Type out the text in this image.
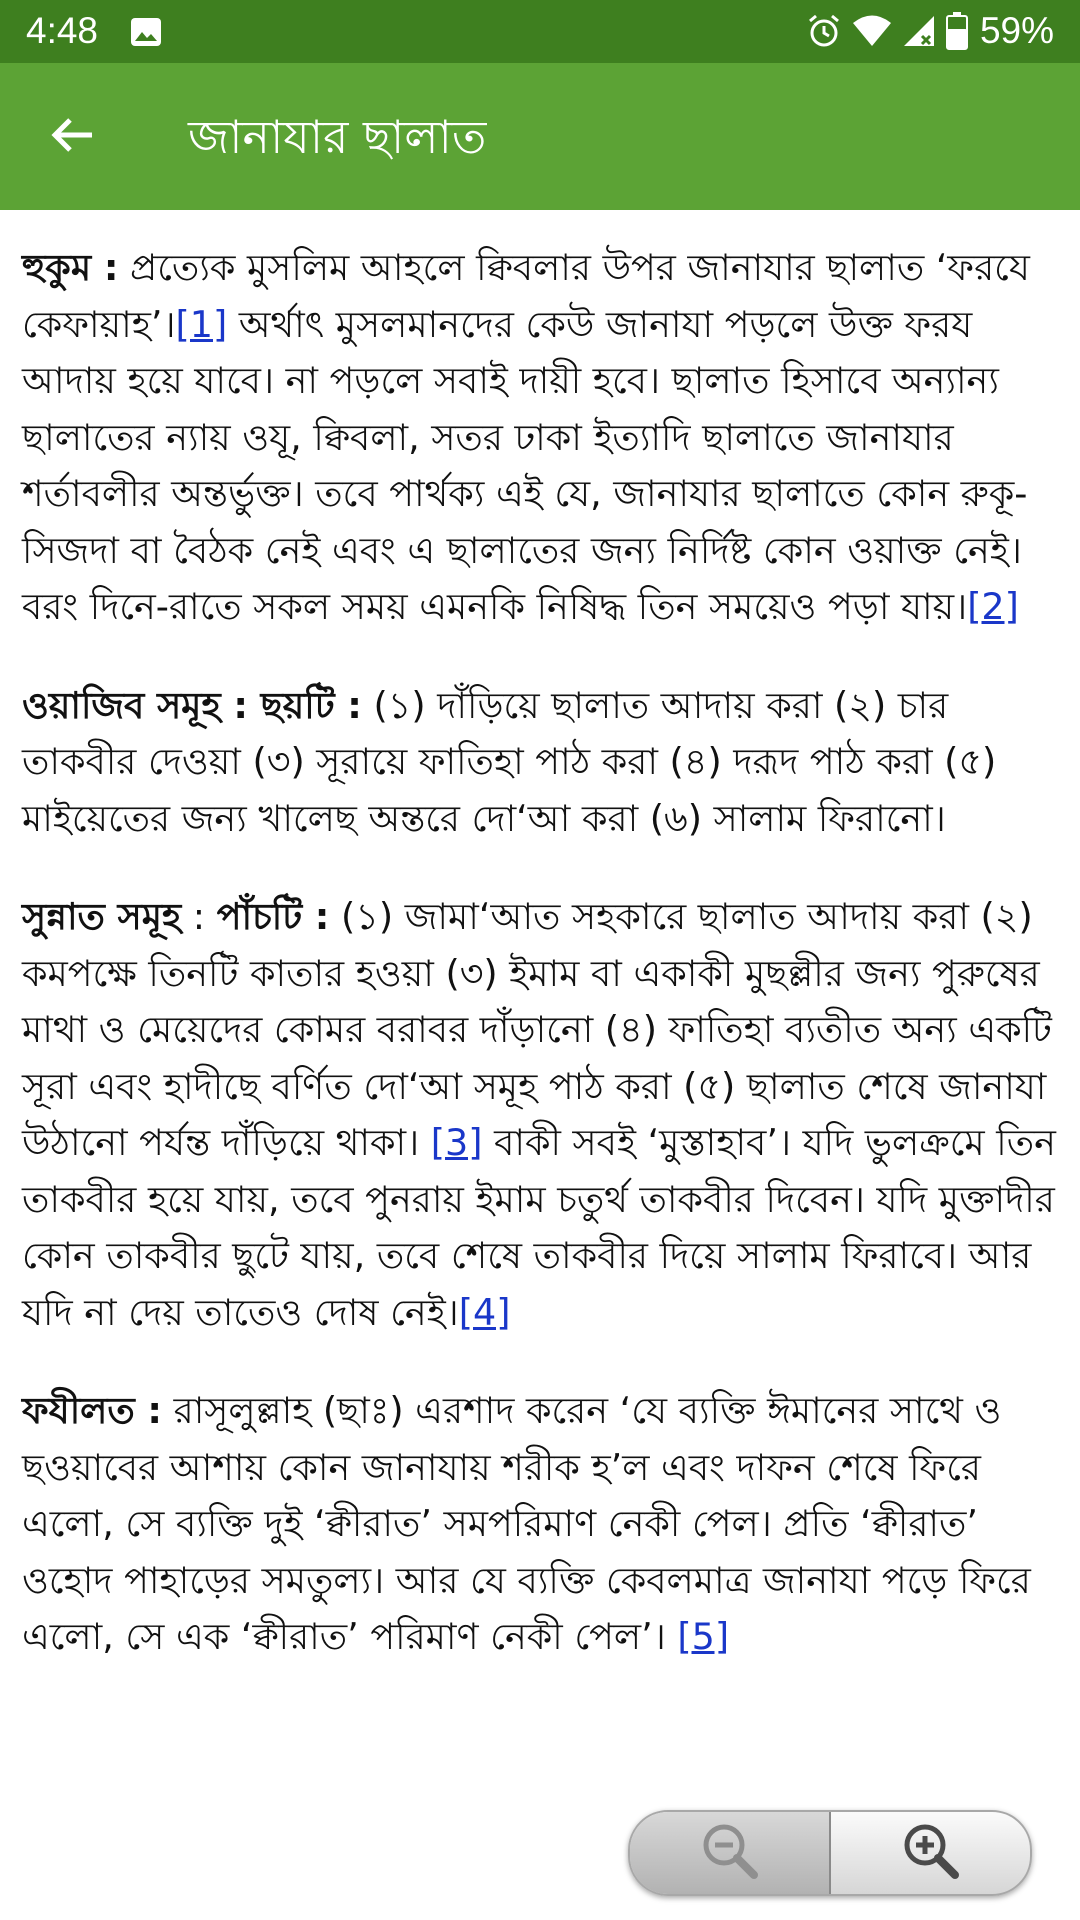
4:48	59%
জানাযার ছালাত

হুকুম : প্রত্যেক মুসলিম আহলে ক্বিবলার উপর জানাযার ছালাত ‘ফরযে কেফায়াহ’।[1] অর্থাৎ মুসলমানদের কেউ জানাযা পড়লে উক্ত ফরয আদায় হয়ে যাবে। না পড়লে সবাই দায়ী হবে। ছালাত হিসাবে অন্যান্য ছালাতের ন্যায় ওযূ, ক্বিবলা, সতর ঢাকা ইত্যাদি ছালাতে জানাযার শর্তাবলীর অন্তর্ভুক্ত। তবে পার্থক্য এই যে, জানাযার ছালাতে কোন রুকূ-সিজদা বা বৈঠক নেই এবং এ ছালাতের জন্য নির্দিষ্ট কোন ওয়াক্ত নেই। বরং দিনে-রাতে সকল সময় এমনকি নিষিদ্ধ তিন সময়েও পড়া যায়।[2]

ওয়াজিব সমূহ : ছয়টি : (১) দাঁড়িয়ে ছালাত আদায় করা (২) চার তাকবীর দেওয়া (৩) সূরায়ে ফাতিহা পাঠ করা (৪) দরূদ পাঠ করা (৫) মাইয়েতের জন্য খালেছ অন্তরে দো‘আ করা (৬) সালাম ফিরানো।

সুন্নাত সমূহ : পাঁচটি : (১) জামা‘আত সহকারে ছালাত আদায় করা (২) কমপক্ষে তিনটি কাতার হওয়া (৩) ইমাম বা একাকী মুছল্লীর জন্য পুরুষের মাথা ও মেয়েদের কোমর বরাবর দাঁড়ানো (৪) ফাতিহা ব্যতীত অন্য একটি সূরা এবং হাদীছে বর্ণিত দো‘আ সমূহ পাঠ করা (৫) ছালাত শেষে জানাযা উঠানো পর্যন্ত দাঁড়িয়ে থাকা। [3] বাকী সবই ‘মুস্তাহাব’। যদি ভুলক্রমে তিন তাকবীর হয়ে যায়, তবে পুনরায় ইমাম চতুর্থ তাকবীর দিবেন। যদি মুক্তাদীর কোন তাকবীর ছুটে যায়, তবে শেষে তাকবীর দিয়ে সালাম ফিরাবে। আর যদি না দেয় তাতেও দোষ নেই।[4]

ফযীলত : রাসূলুল্লাহ (ছাঃ) এরশাদ করেন ‘যে ব্যক্তি ঈমানের সাথে ও ছওয়াবের আশায় কোন জানাযায় শরীক হ’ল এবং দাফন শেষে ফিরে এলো, সে ব্যক্তি দুই ‘ক্বীরাত’ সমপরিমাণ নেকী পেল। প্রতি ‘ক্বীরাত’ ওহোদ পাহাড়ের সমতুল্য। আর যে ব্যক্তি কেবলমাত্র জানাযা পড়ে ফিরে এলো, সে এক ‘ক্বীরাত’ পরিমাণ নেকী পেল’। [5]
